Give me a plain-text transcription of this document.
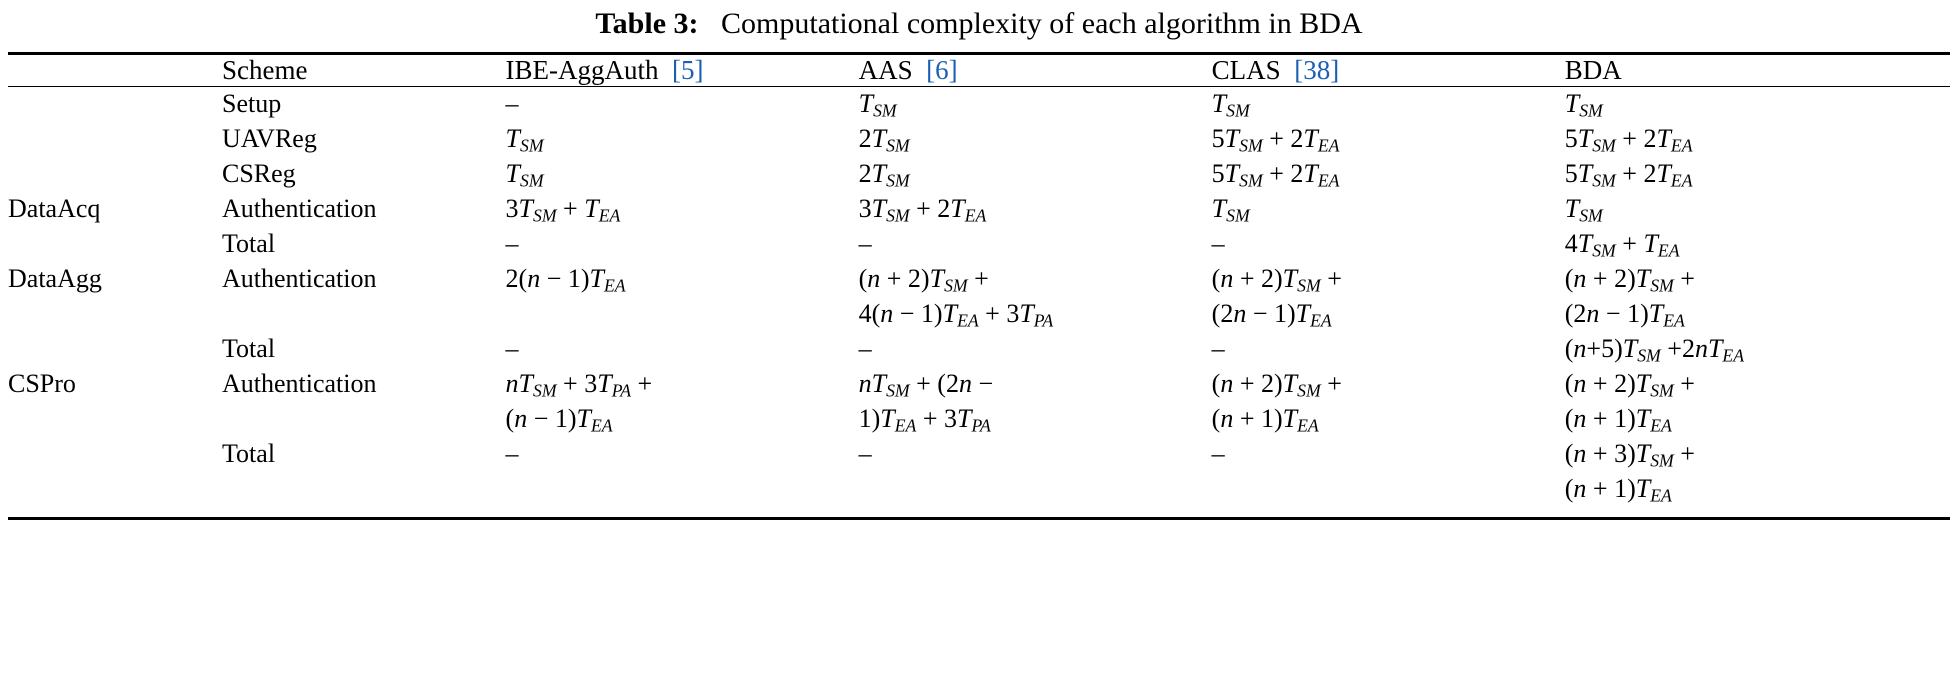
Table 3: Computational complexity of each algorithm in BDA
	Scheme	IBE-AggAuth [5]	AAS [6]	CLAS [38]	BDA
	Setup	–	$T_{SM}$	$T_{SM}$	$T_{SM}$
	UAVReg	$T_{SM}$	$2T_{SM}$	$5T_{SM} + 2T_{EA}$	$5T_{SM} + 2T_{EA}$
	CSReg	$T_{SM}$	$2T_{SM}$	$5T_{SM} + 2T_{EA}$	$5T_{SM} + 2T_{EA}$
DataAcq	Authentication	$3T_{SM} + T_{EA}$	$3T_{SM} + 2T_{EA}$	$T_{SM}$	$T_{SM}$
	Total	–	–	–	$4T_{SM} + T_{EA}$
DataAgg	Authentication	$2(n - 1)T_{EA}$	$(n + 2)T_{SM}$ +	$(n + 2)T_{SM}$ +	$(n + 2)T_{SM}$ +
			$4(n - 1)T_{EA} + 3T_{PA}$	$(2n - 1)T_{EA}$	$(2n - 1)T_{EA}$
	Total	–	–	–	$(n+5)T_{SM} +2nT_{EA}$
CSPro	Authentication	$nT_{SM} + 3T_{PA}$ +	$nT_{SM} + (2n$ −	$(n + 2)T_{SM}$ +	$(n + 2)T_{SM}$ +
		$(n - 1)T_{EA}$	$1)T_{EA} + 3T_{PA}$	$(n + 1)T_{EA}$	$(n + 1)T_{EA}$
	Total	–	–	–	$(n + 3)T_{SM}$ +
					$(n + 1)T_{EA}$
